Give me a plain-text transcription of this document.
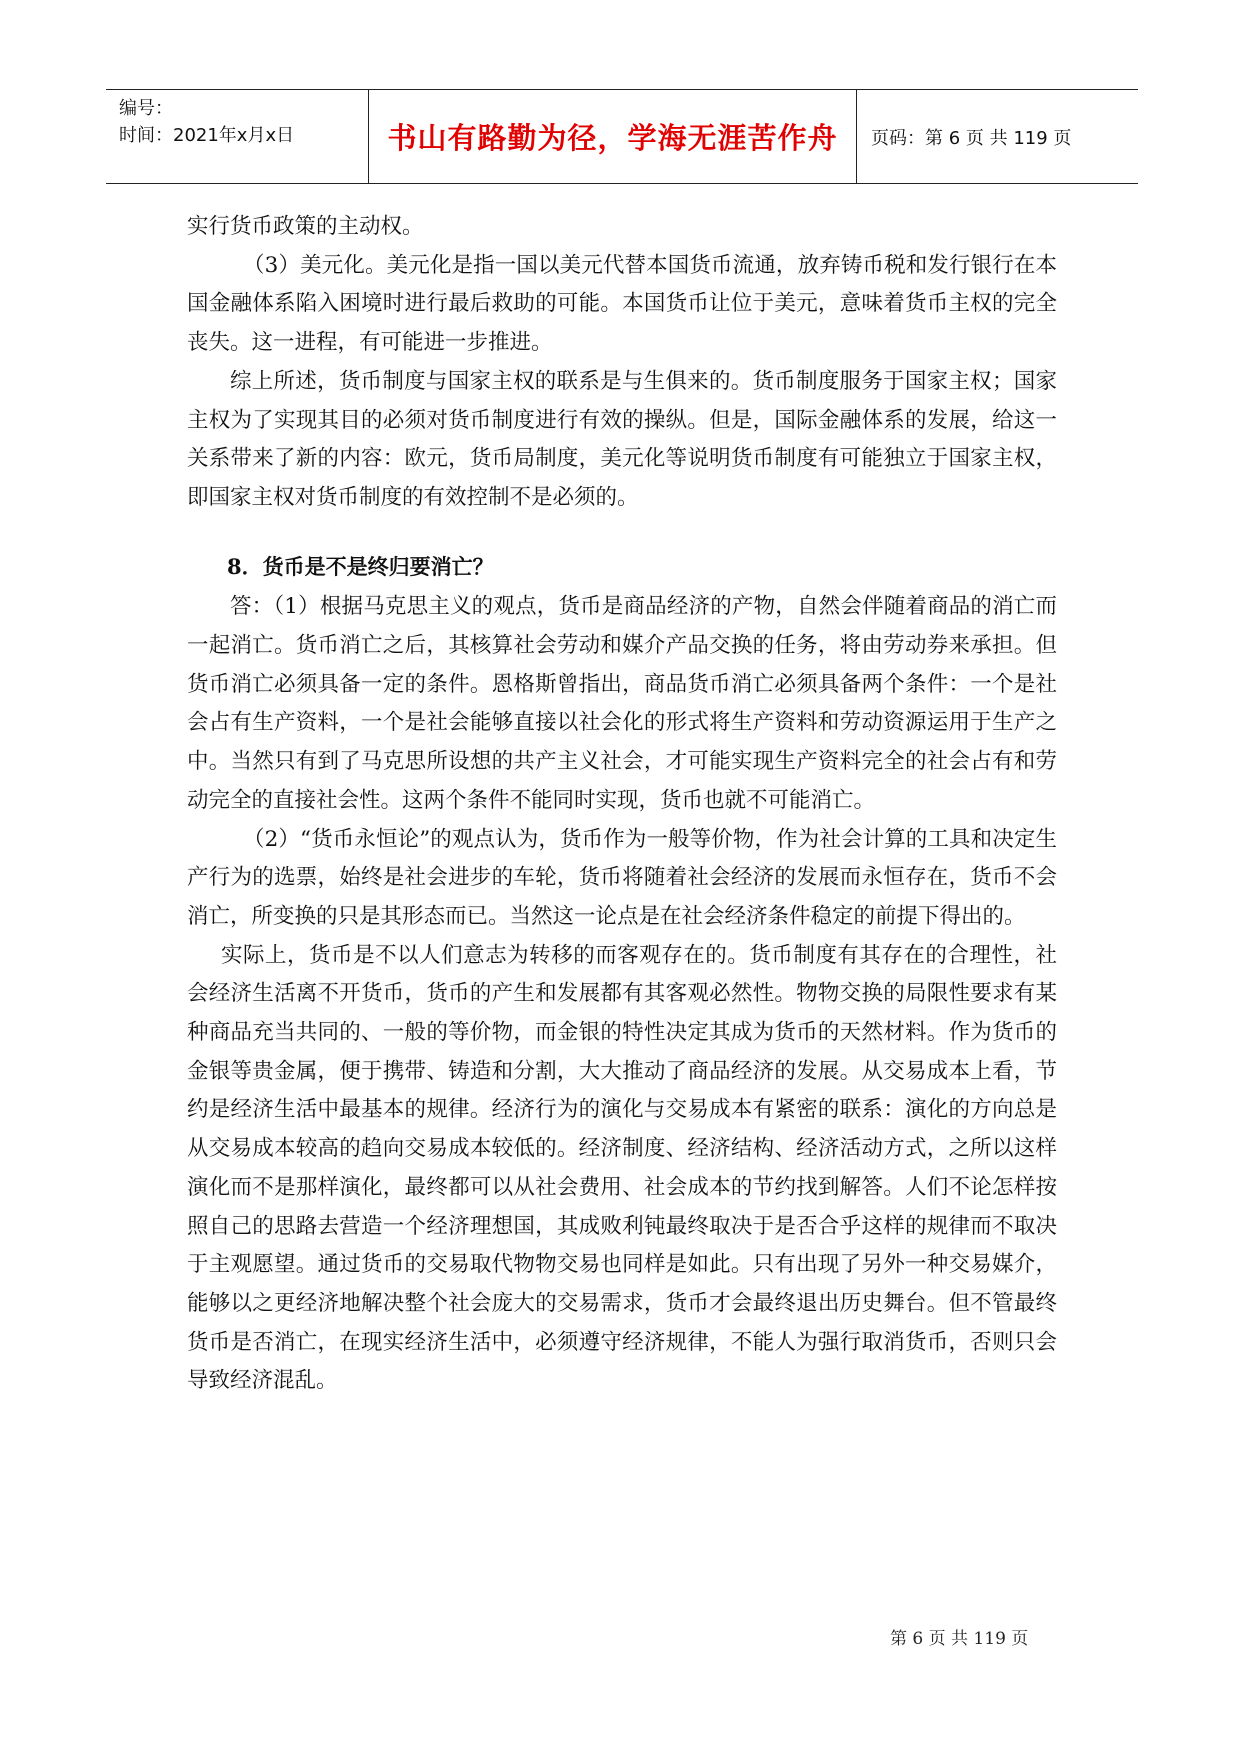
编号：
时间：2021年x月x日	书山有路勤为径，学海无涯苦作舟	页码：第 6 页 共 119 页

实行货币政策的主动权。

（3）美元化。美元化是指一国以美元代替本国货币流通，放弃铸币税和发行银行在本国金融体系陷入困境时进行最后救助的可能。本国货币让位于美元，意味着货币主权的完全丧失。这一进程，有可能进一步推进。

综上所述，货币制度与国家主权的联系是与生俱来的。货币制度服务于国家主权；国家主权为了实现其目的必须对货币制度进行有效的操纵。但是，国际金融体系的发展，给这一关系带来了新的内容：欧元，货币局制度，美元化等说明货币制度有可能独立于国家主权，即国家主权对货币制度的有效控制不是必须的。

8．货币是不是终归要消亡？

答：（1）根据马克思主义的观点，货币是商品经济的产物，自然会伴随着商品的消亡而一起消亡。货币消亡之后，其核算社会劳动和媒介产品交换的任务，将由劳动券来承担。但货币消亡必须具备一定的条件。恩格斯曾指出，商品货币消亡必须具备两个条件：一个是社会占有生产资料，一个是社会能够直接以社会化的形式将生产资料和劳动资源运用于生产之中。当然只有到了马克思所设想的共产主义社会，才可能实现生产资料完全的社会占有和劳动完全的直接社会性。这两个条件不能同时实现，货币也就不可能消亡。

（2）“货币永恒论”的观点认为，货币作为一般等价物，作为社会计算的工具和决定生产行为的选票，始终是社会进步的车轮，货币将随着社会经济的发展而永恒存在，货币不会消亡，所变换的只是其形态而已。当然这一论点是在社会经济条件稳定的前提下得出的。

实际上，货币是不以人们意志为转移的而客观存在的。货币制度有其存在的合理性，社会经济生活离不开货币，货币的产生和发展都有其客观必然性。物物交换的局限性要求有某种商品充当共同的、一般的等价物，而金银的特性决定其成为货币的天然材料。作为货币的金银等贵金属，便于携带、铸造和分割，大大推动了商品经济的发展。从交易成本上看，节约是经济生活中最基本的规律。经济行为的演化与交易成本有紧密的联系：演化的方向总是从交易成本较高的趋向交易成本较低的。经济制度、经济结构、经济活动方式，之所以这样演化而不是那样演化，最终都可以从社会费用、社会成本的节约找到解答。人们不论怎样按照自己的思路去营造一个经济理想国，其成败利钝最终取决于是否合乎这样的规律而不取决于主观愿望。通过货币的交易取代物物交易也同样是如此。只有出现了另外一种交易媒介，能够以之更经济地解决整个社会庞大的交易需求，货币才会最终退出历史舞台。但不管最终货币是否消亡，在现实经济生活中，必须遵守经济规律，不能人为强行取消货币，否则只会导致经济混乱。

第 6 页 共 119 页
